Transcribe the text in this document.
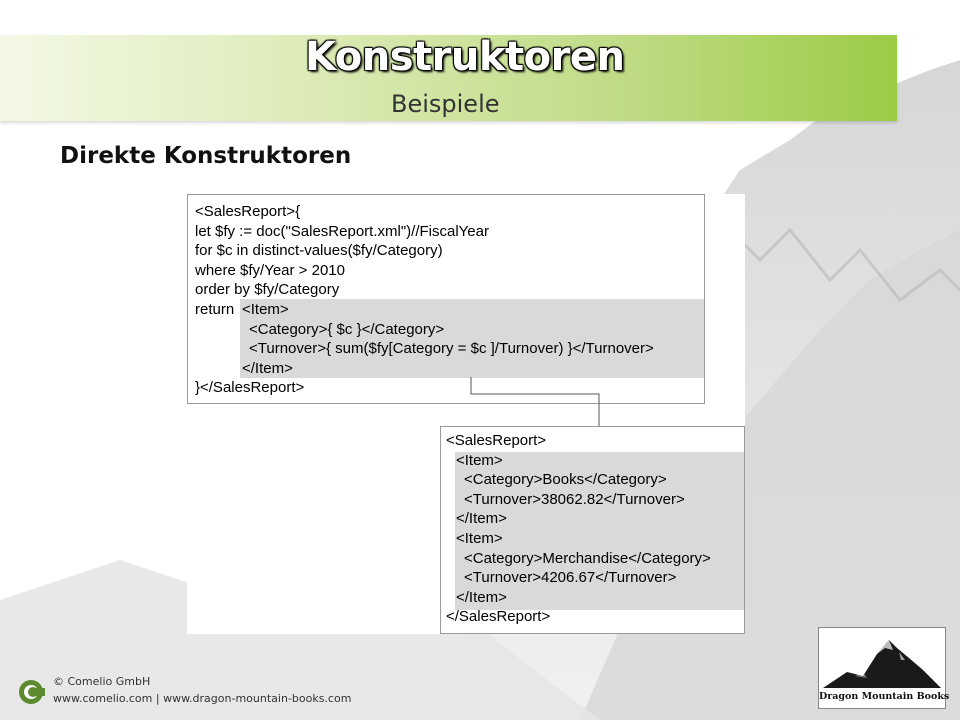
Konstruktoren
Beispiele
Direkte Konstruktoren
<SalesReport>{
let $fy := doc("SalesReport.xml")//FiscalYear
for $c in distinct-values($fy/Category)
where $fy/Year > 2010
order by $fy/Category
return <Item>
<Category>{ $c }</Category>
<Turnover>{ sum($fy[Category = $c ]/Turnover) }</Turnover>
</Item>
}</SalesReport>
<SalesReport>
<Item>
<Category>Books</Category>
<Turnover>38062.82</Turnover>
</Item>
<Item>
<Category>Merchandise</Category>
<Turnover>4206.67</Turnover>
</Item>
</SalesReport>
© Comelio GmbH
www.comelio.com | www.dragon-mountain-books.com	Dragon Mountain Books
